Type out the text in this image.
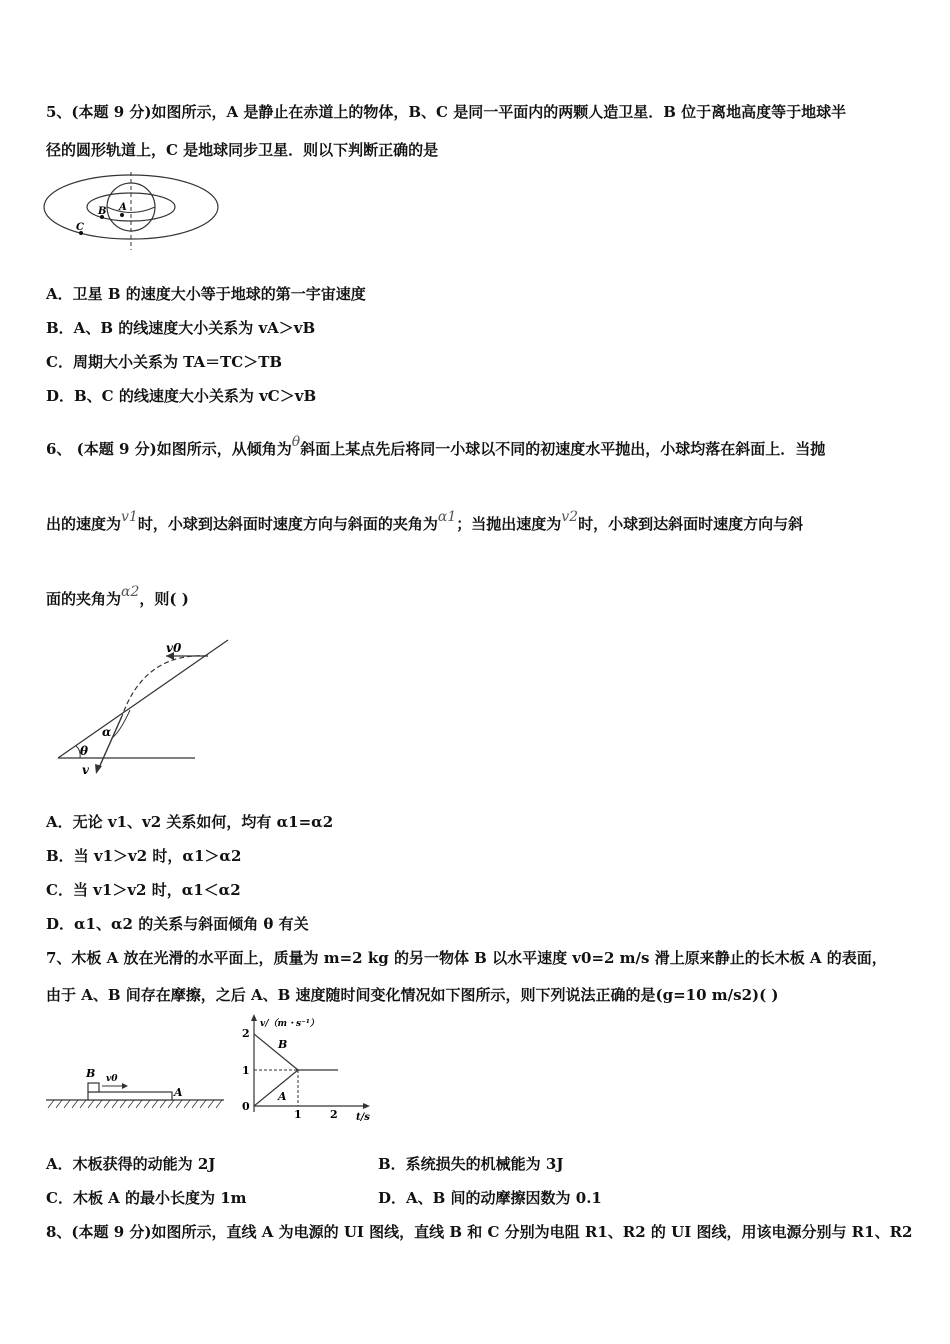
5、(本题 9 分)如图所示，A 是静止在赤道上的物体，B、C 是同一平面内的两颗人造卫星．B 位于离地高度等于地球半
径的圆形轨道上，C 是地球同步卫星．则以下判断正确的是
A
B
C
A．卫星 B 的速度大小等于地球的第一宇宙速度
B．A、B 的线速度大小关系为 vA＞vB
C．周期大小关系为 TA＝TC＞TB
D．B、C 的线速度大小关系为 vC＞vB
6、 (本题 9 分)如图所示，从倾角为θ斜面上某点先后将同一小球以不同的初速度水平抛出，小球均落在斜面上．当抛
出的速度为v1时，小球到达斜面时速度方向与斜面的夹角为α1；当抛出速度为v2时，小球到达斜面时速度方向与斜
面的夹角为α2，则( )
v0
α
θ
v
A．无论 v1、v2 关系如何，均有 α1=α2
B．当 v1＞v2 时，α1＞α2
C．当 v1＞v2 时，α1＜α2
D．α1、α2 的关系与斜面倾角 θ 有关
7、木板 A 放在光滑的水平面上，质量为 m=2 kg 的另一物体 B 以水平速度 v0=2 m/s 滑上原来静止的长木板 A 的表面，
由于 A、B 间存在摩擦，之后 A、B 速度随时间变化情况如下图所示，则下列说法正确的是(g=10 m/s2)( )
B v0
A
v/（m・s⁻¹）
2
1
0
1	2 t/s
B
A
A．木板获得的动能为 2J	B．系统损失的机械能为 3J
C．木板 A 的最小长度为 1m	D．A、B 间的动摩擦因数为 0.1
8、(本题 9 分)如图所示，直线 A 为电源的 UI 图线，直线 B 和 C 分别为电阻 R1、R2 的 UI 图线，用该电源分别与 R1、R2
